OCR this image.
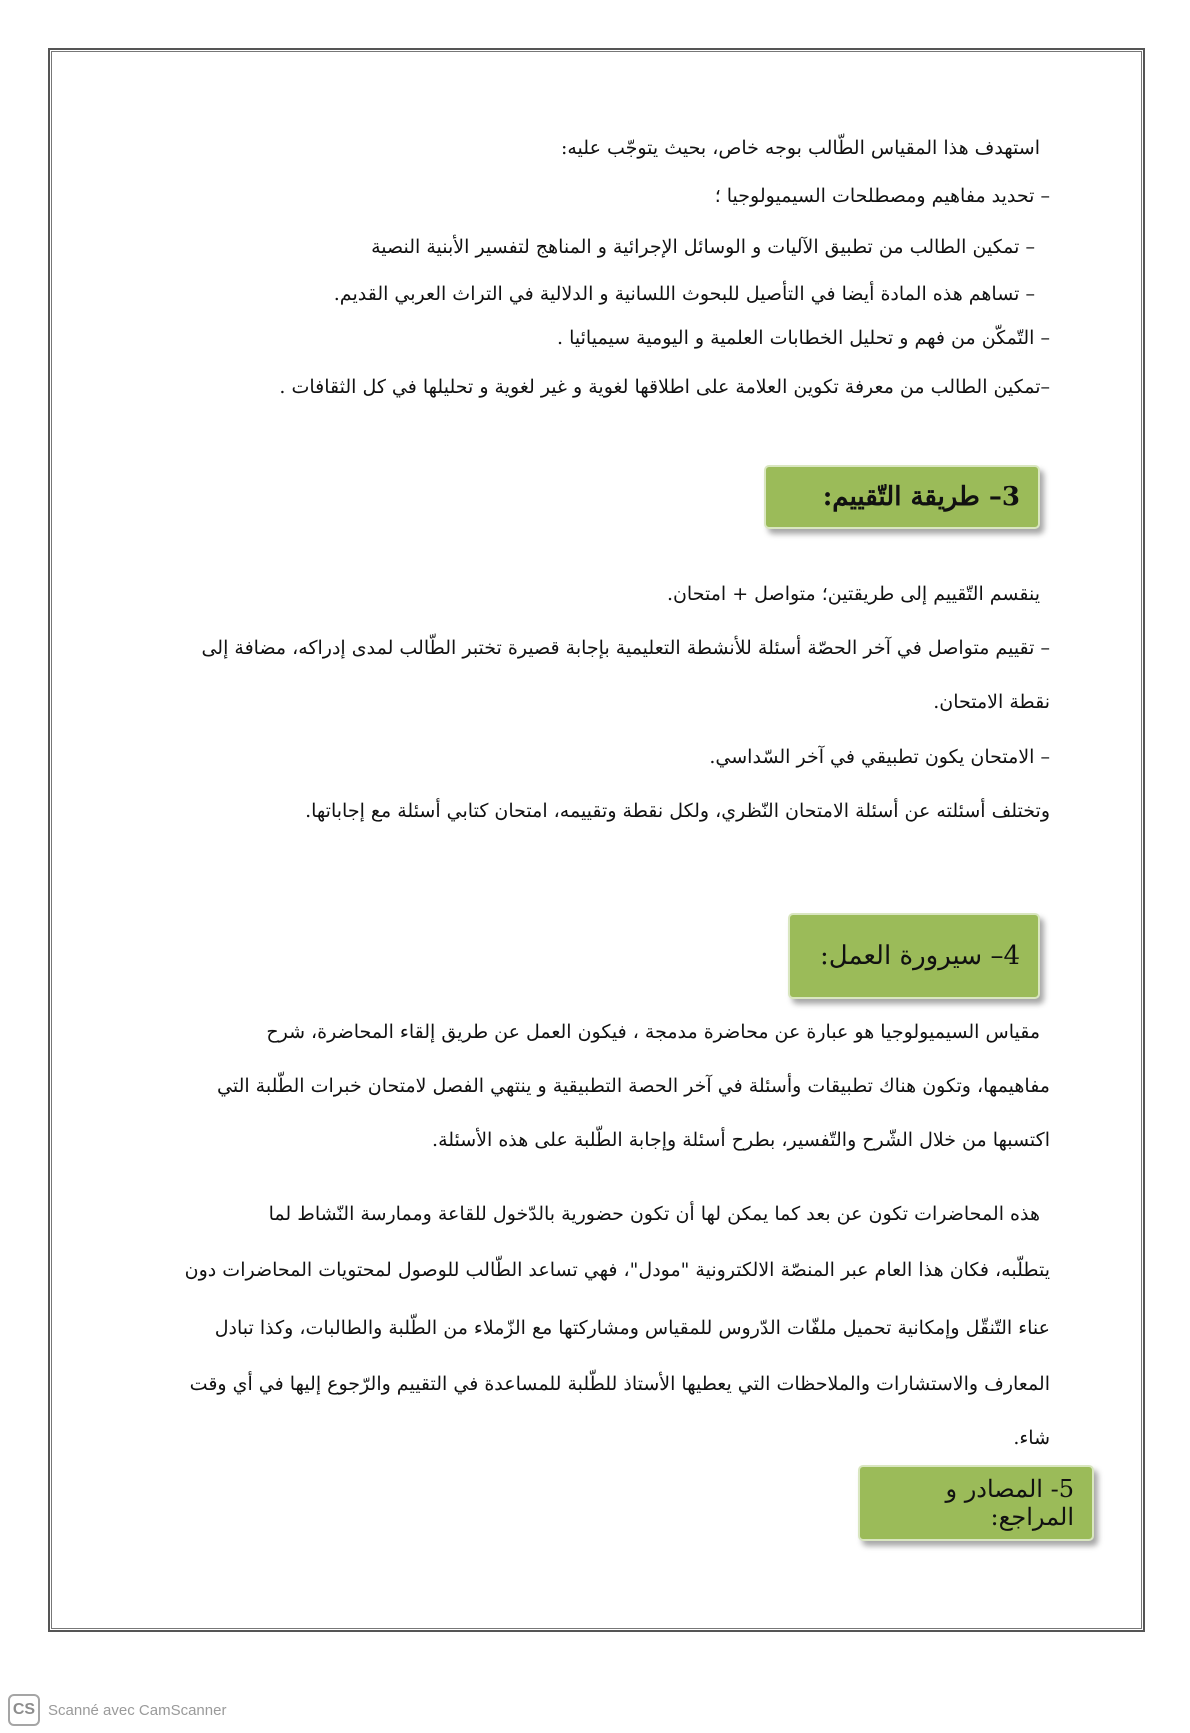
استهدف هذا المقياس الطّالب بوجه خاص، بحيث يتوجّب عليه:
– تحديد مفاهيم ومصطلحات السيميولوجيا ؛
– تمكين الطالب من تطبيق الآليات و الوسائل الإجرائية و المناهج لتفسير الأبنية النصية
– تساهم هذه المادة أيضا في التأصيل للبحوث اللسانية و الدلالية في التراث العربي القديم.
– التّمكّن من فهم و تحليل الخطابات العلمية و اليومية سيميائيا .
–تمكين الطالب من معرفة تكوين العلامة على اطلاقها لغوية و غير لغوية و تحليلها في كل الثقافات .
3– طريقة التّقييم:
ينقسم التّقييم إلى طريقتين؛ متواصل + امتحان.
– تقييم متواصل في آخر الحصّة أسئلة للأنشطة التعليمية بإجابة قصيرة تختبر الطّالب لمدى إدراكه، مضافة إلى
نقطة الامتحان.
– الامتحان يكون تطبيقي في آخر السّداسي.
وتختلف أسئلته عن أسئلة الامتحان النّظري، ولكل نقطة وتقييمه، امتحان كتابي أسئلة مع إجاباتها.
4– سيرورة العمل:
مقياس السيميولوجيا هو عبارة عن محاضرة مدمجة ، فيكون العمل عن طريق إلقاء المحاضرة، شرح
مفاهيمها، وتكون هناك تطبيقات وأسئلة في آخر الحصة التطبيقية و ينتهي الفصل لامتحان خبرات الطّلبة التي
اكتسبها من خلال الشّرح والتّفسير، بطرح أسئلة وإجابة الطّلبة على هذه الأسئلة.
هذه المحاضرات تكون عن بعد كما يمكن لها أن تكون حضورية بالدّخول للقاعة وممارسة النّشاط لما
يتطلّبه، فكان هذا العام عبر المنصّة الالكترونية "مودل"، فهي تساعد الطّالب للوصول لمحتويات المحاضرات دون
عناء التّنقّل وإمكانية تحميل ملفّات الدّروس للمقياس ومشاركتها مع الزّملاء من الطّلبة والطالبات، وكذا تبادل
المعارف والاستشارات والملاحظات التي يعطيها الأستاذ للطّلبة للمساعدة في التقييم والرّجوع إليها في أي وقت
شاء.
5- المصادر و المراجع:
CS Scanné avec CamScanner
